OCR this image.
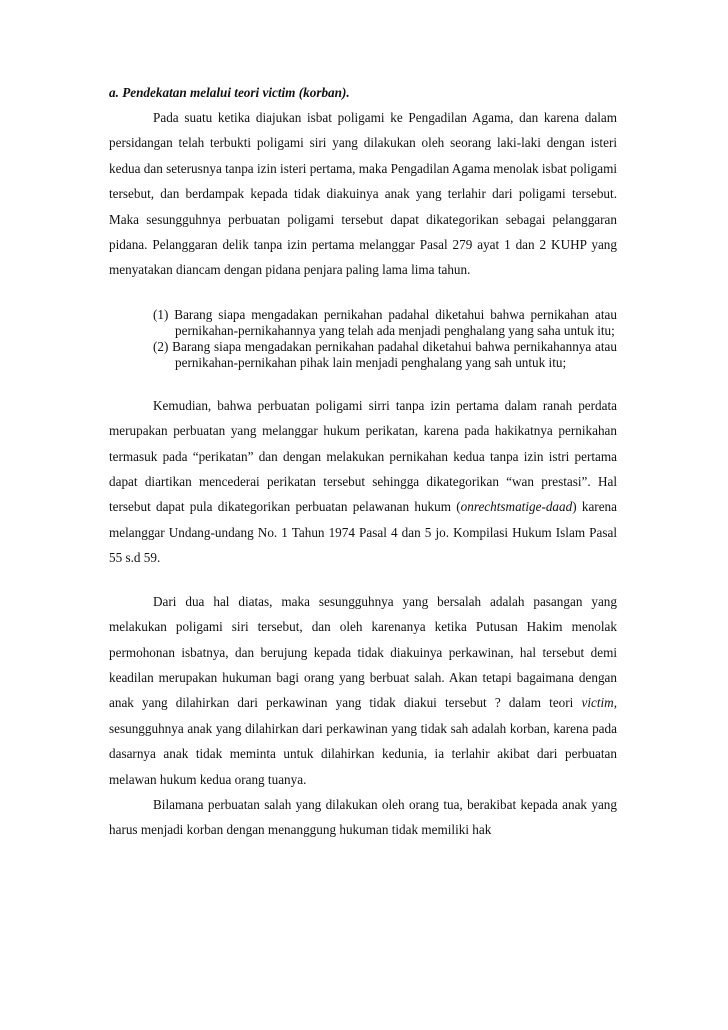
a. Pendekatan melalui teori victim (korban).

Pada suatu ketika diajukan isbat poligami ke Pengadilan Agama, dan karena dalam persidangan telah terbukti poligami siri yang dilakukan oleh seorang laki-laki dengan isteri kedua dan seterusnya tanpa izin isteri pertama, maka Pengadilan Agama menolak isbat poligami tersebut, dan berdampak kepada tidak diakuinya anak yang terlahir dari poligami tersebut. Maka sesungguhnya perbuatan poligami tersebut dapat dikategorikan sebagai pelanggaran pidana. Pelanggaran delik tanpa izin pertama melanggar Pasal 279 ayat 1 dan 2 KUHP yang menyatakan diancam dengan pidana penjara paling lama lima tahun.

(1) Barang siapa mengadakan pernikahan padahal diketahui bahwa pernikahan atau pernikahan-pernikahannya yang telah ada menjadi penghalang yang saha untuk itu;
(2) Barang siapa mengadakan pernikahan padahal diketahui bahwa pernikahannya atau pernikahan-pernikahan pihak lain menjadi penghalang yang sah untuk itu;

Kemudian, bahwa perbuatan poligami sirri tanpa izin pertama dalam ranah perdata merupakan perbuatan yang melanggar hukum perikatan, karena pada hakikatnya pernikahan termasuk pada “perikatan” dan dengan melakukan pernikahan kedua tanpa izin istri pertama dapat diartikan mencederai perikatan tersebut sehingga dikategorikan “wan prestasi”. Hal tersebut dapat pula dikategorikan perbuatan pelawanan hukum (onrechtsmatige-daad) karena melanggar Undang-undang No. 1 Tahun 1974 Pasal 4 dan 5 jo. Kompilasi Hukum Islam Pasal 55 s.d 59.

Dari dua hal diatas, maka sesungguhnya yang bersalah adalah pasangan yang melakukan poligami siri tersebut, dan oleh karenanya ketika Putusan Hakim menolak permohonan isbatnya, dan berujung kepada tidak diakuinya perkawinan, hal tersebut demi keadilan merupakan hukuman bagi orang yang berbuat salah. Akan tetapi bagaimana dengan anak yang dilahirkan dari perkawinan yang tidak diakui tersebut ? dalam teori victim, sesungguhnya anak yang dilahirkan dari perkawinan yang tidak sah adalah korban, karena pada dasarnya anak tidak meminta untuk dilahirkan kedunia, ia terlahir akibat dari perbuatan melawan hukum kedua orang tuanya.

Bilamana perbuatan salah yang dilakukan oleh orang tua, berakibat kepada anak yang harus menjadi korban dengan menanggung hukuman tidak memiliki hak
